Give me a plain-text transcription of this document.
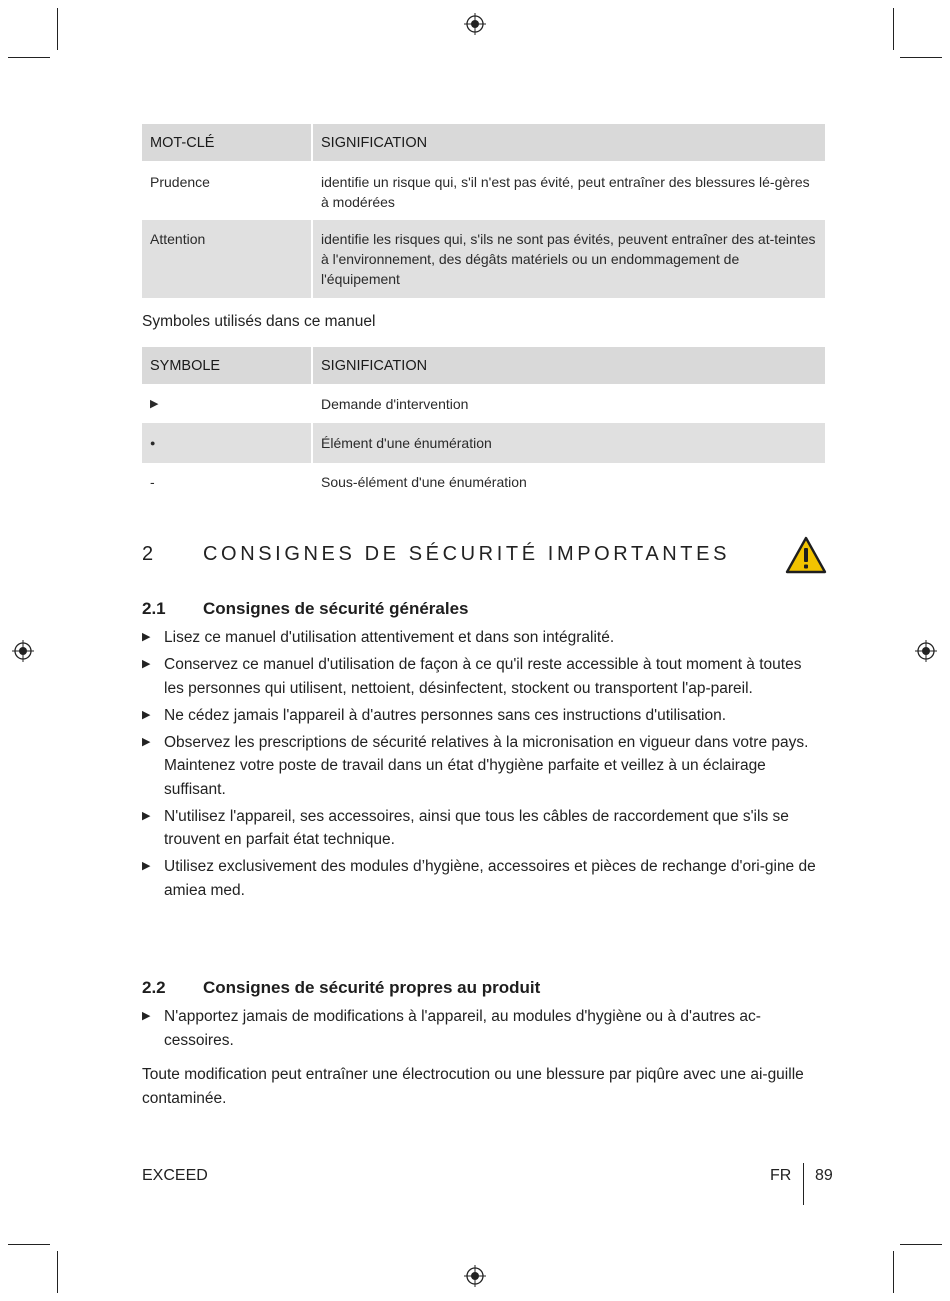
MOT-CLÉ	SIGNIFICATION
Prudence	identifie un risque qui, s'il n'est pas évité, peut entraîner des blessures lé-gères à modérées
Attention	identifie les risques qui, s'ils ne sont pas évités, peuvent entraîner des at-teintes à l'environnement, des dégâts matériels ou un endommagement de l'équipement
Symboles utilisés dans ce manuel
SYMBOLE	SIGNIFICATION
▶	Demande d'intervention
●	Élément d'une énumération
-	Sous-élément d'une énumération
2 CONSIGNES DE SÉCURITÉ IMPORTANTES
2.1 Consignes de sécurité générales
▶ Lisez ce manuel d'utilisation attentivement et dans son intégralité.
▶ Conservez ce manuel d'utilisation de façon à ce qu'il reste accessible à tout moment à toutes les personnes qui utilisent, nettoient, désinfectent, stockent ou transportent l'ap-pareil.
▶ Ne cédez jamais l'appareil à d'autres personnes sans ces instructions d'utilisation.
▶ Observez les prescriptions de sécurité relatives à la micronisation en vigueur dans votre pays. Maintenez votre poste de travail dans un état d'hygiène parfaite et veillez à un éclairage suffisant.
▶ N'utilisez l'appareil, ses accessoires, ainsi que tous les câbles de raccordement que s'ils se trouvent en parfait état technique.
▶ Utilisez exclusivement des modules d’hygiène, accessoires et pièces de rechange d'ori-gine de
amiea med.
2.2 Consignes de sécurité propres au produit
▶ N'apportez jamais de modifications à l'appareil, au modules d'hygiène ou à d'autres ac-cessoires.
Toute modification peut entraîner une électrocution ou une blessure par piqûre avec une ai-guille contaminée.
EXCEED	FR 89
